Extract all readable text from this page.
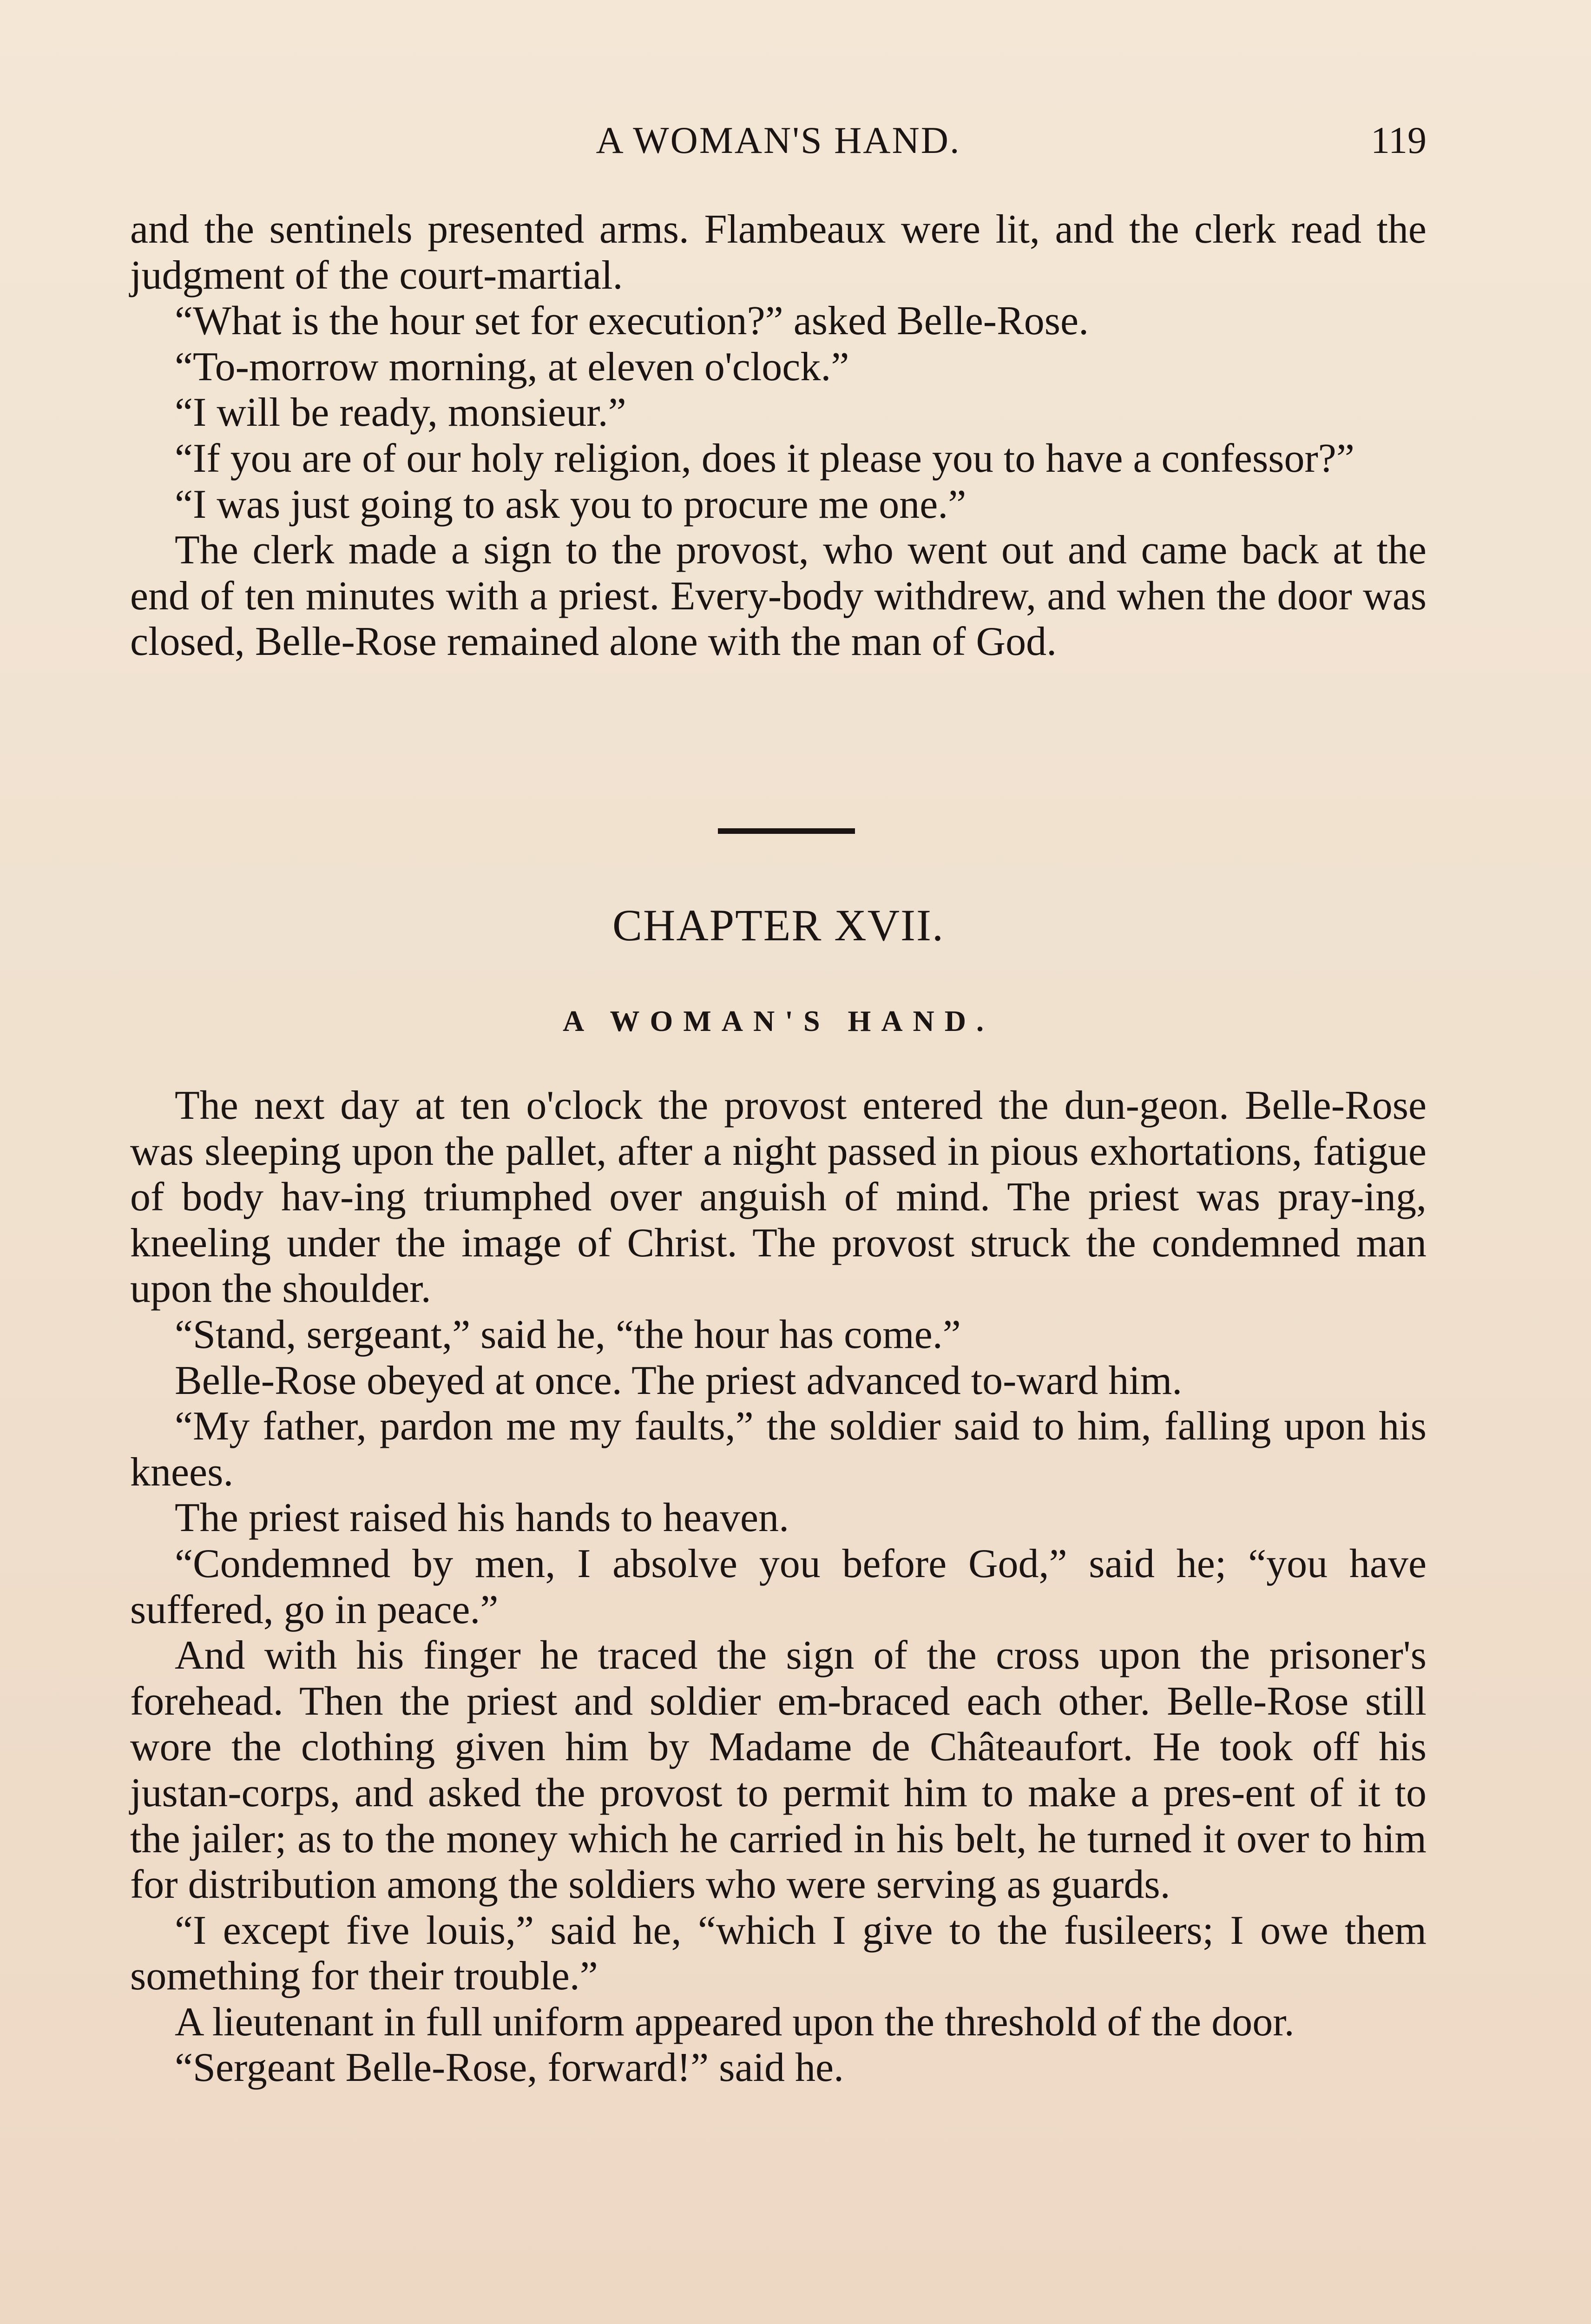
A WOMAN'S HAND.	119

and the sentinels presented arms. Flambeaux were lit, and the clerk read the judgment of the court-martial.

“What is the hour set for execution?” asked Belle-Rose.

“To-morrow morning, at eleven o'clock.”

“I will be ready, monsieur.”

“If you are of our holy religion, does it please you to have a confessor?”

“I was just going to ask you to procure me one.”

The clerk made a sign to the provost, who went out and came back at the end of ten minutes with a priest. Every-body withdrew, and when the door was closed, Belle-Rose remained alone with the man of God.

CHAPTER XVII.
A WOMAN'S HAND.

The next day at ten o'clock the provost entered the dun-geon. Belle-Rose was sleeping upon the pallet, after a night passed in pious exhortations, fatigue of body hav-ing triumphed over anguish of mind. The priest was pray-ing, kneeling under the image of Christ. The provost struck the condemned man upon the shoulder.

“Stand, sergeant,” said he, “the hour has come.”

Belle-Rose obeyed at once. The priest advanced to-ward him.

“My father, pardon me my faults,” the soldier said to him, falling upon his knees.

The priest raised his hands to heaven.

“Condemned by men, I absolve you before God,” said he; “you have suffered, go in peace.”

And with his finger he traced the sign of the cross upon the prisoner's forehead. Then the priest and soldier em-braced each other. Belle-Rose still wore the clothing given him by Madame de Châteaufort. He took off his justan-corps, and asked the provost to permit him to make a pres-ent of it to the jailer; as to the money which he carried in his belt, he turned it over to him for distribution among the soldiers who were serving as guards.

“I except five louis,” said he, “which I give to the fusileers; I owe them something for their trouble.”

A lieutenant in full uniform appeared upon the threshold of the door.

“Sergeant Belle-Rose, forward!” said he.
